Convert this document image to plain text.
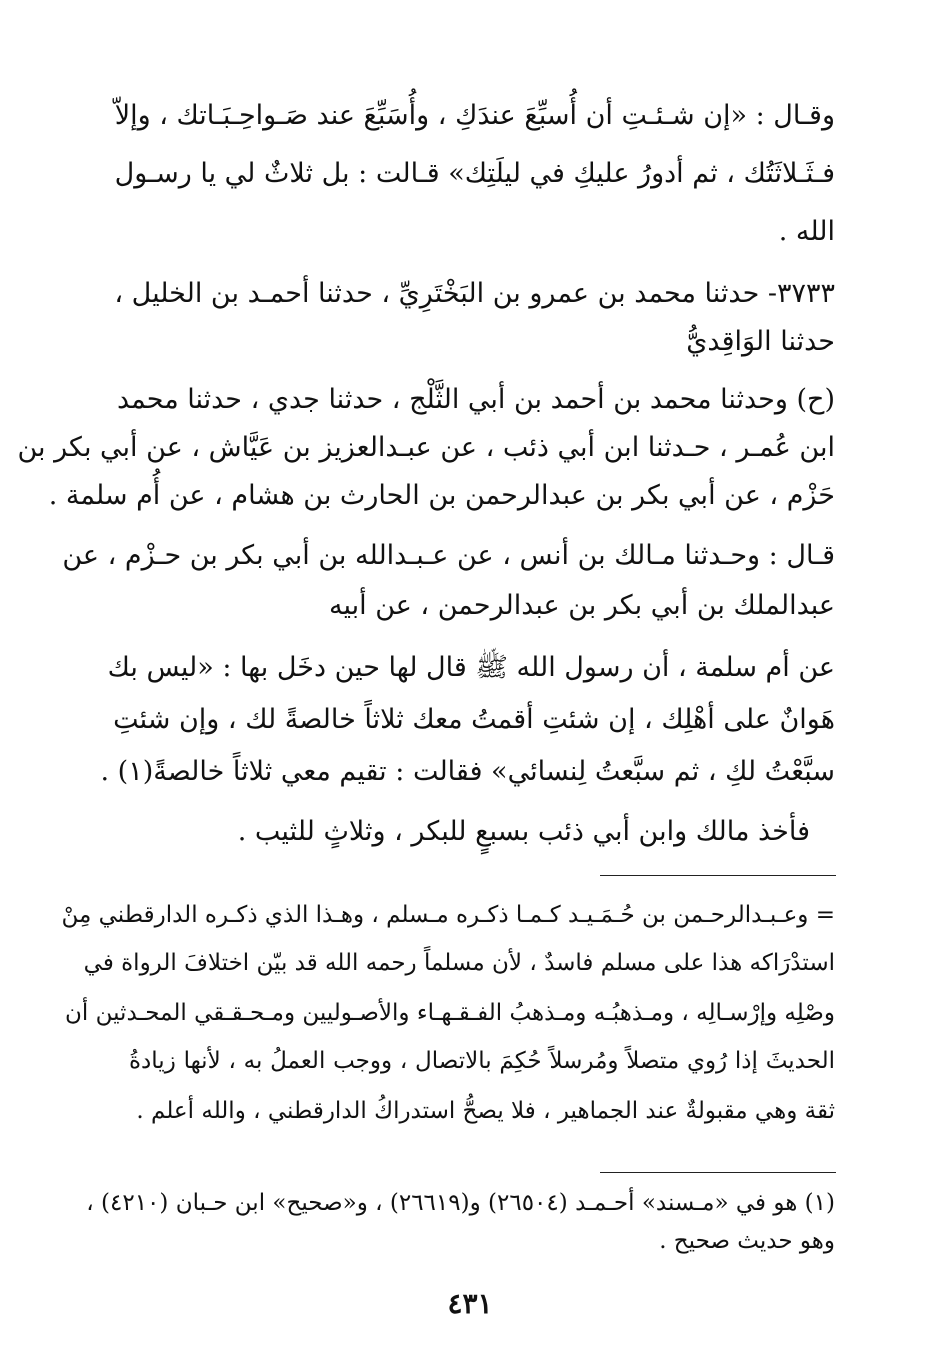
وقـال : «إن شـئـتِ أن أُسبِّعَ عندَكِ ، وأُسَبِّعَ عند صَـواحِـبَـاتك ، وإلاّ
فـثَـلاثَتُك ، ثم أدورُ عليكِ في ليلَتِك» قـالت : بل ثلاثٌ لي يا رسـول
الله .
٣٧٣٣- حدثنا محمد بن عمرو بن البَخْتَرِيِّ ، حدثنا أحمـد بن الخليل ،
حدثنا الوَاقِديُّ
(ح) وحدثنا محمد بن أحمد بن أبي الثَّلْج ، حدثنا جدي ، حدثنا محمد
ابن عُمـر ، حـدثنا ابن أبي ذئب ، عن عبـدالعزيز بن عَيَّاش ، عن أبي بكر بن
حَزْم ، عن أبي بكر بن عبدالرحمن بن الحارث بن هشام ، عن أُم سلمة .
قـال : وحـدثنا مـالك بن أنس ، عن عـبـدالله بن أبي بكر بن حـزْم ، عن
عبدالملك بن أبي بكر بن عبدالرحمن ، عن أبيه
عن أم سلمة ، أن رسول الله ﷺ قال لها حين دخَل بها : «ليس بك
هَوانٌ على أهْلِك ، إن شئتِ أقمتُ معك ثلاثاً خالصةً لك ، وإن شئتِ
سبَّعْتُ لكِ ، ثم سبَّعتُ لِنسائي» فقالت : تقيم معي ثلاثاً خالصةً(١) .
فأخذ مالك وابن أبي ذئب بسبعٍ للبكر ، وثلاثٍ للثيب .
= وعـبـدالرحـمن بن حُـمَـيـد كـمـا ذكـره مـسلم ، وهـذا الذي ذكـره الدارقطني مِنْ
استدْرَاكه هذا على مسلم فاسدٌ ، لأن مسلماً رحمه الله قد بيّن اختلافَ الرواة في
وصْلِه وإرْسـالِه ، ومـذهبُـه ومـذهبُ الفـقـهـاء والأصـوليين ومـحـقـقي المحـدثين أن
الحديثَ إذا رُوي متصلاً ومُرسلاً حُكِمَ بالاتصال ، ووجب العملُ به ، لأنها زيادةُ
ثقة وهي مقبولةٌ عند الجماهير ، فلا يصحُّ استدراكُ الدارقطني ، والله أعلم .
(١) هو في «مـسند» أحـمـد (٢٦٥٠٤) و(٢٦٦١٩) ، و«صحيح» ابن حـبان (٤٢١٠) ،
وهو حديث صحيح .
٤٣١
